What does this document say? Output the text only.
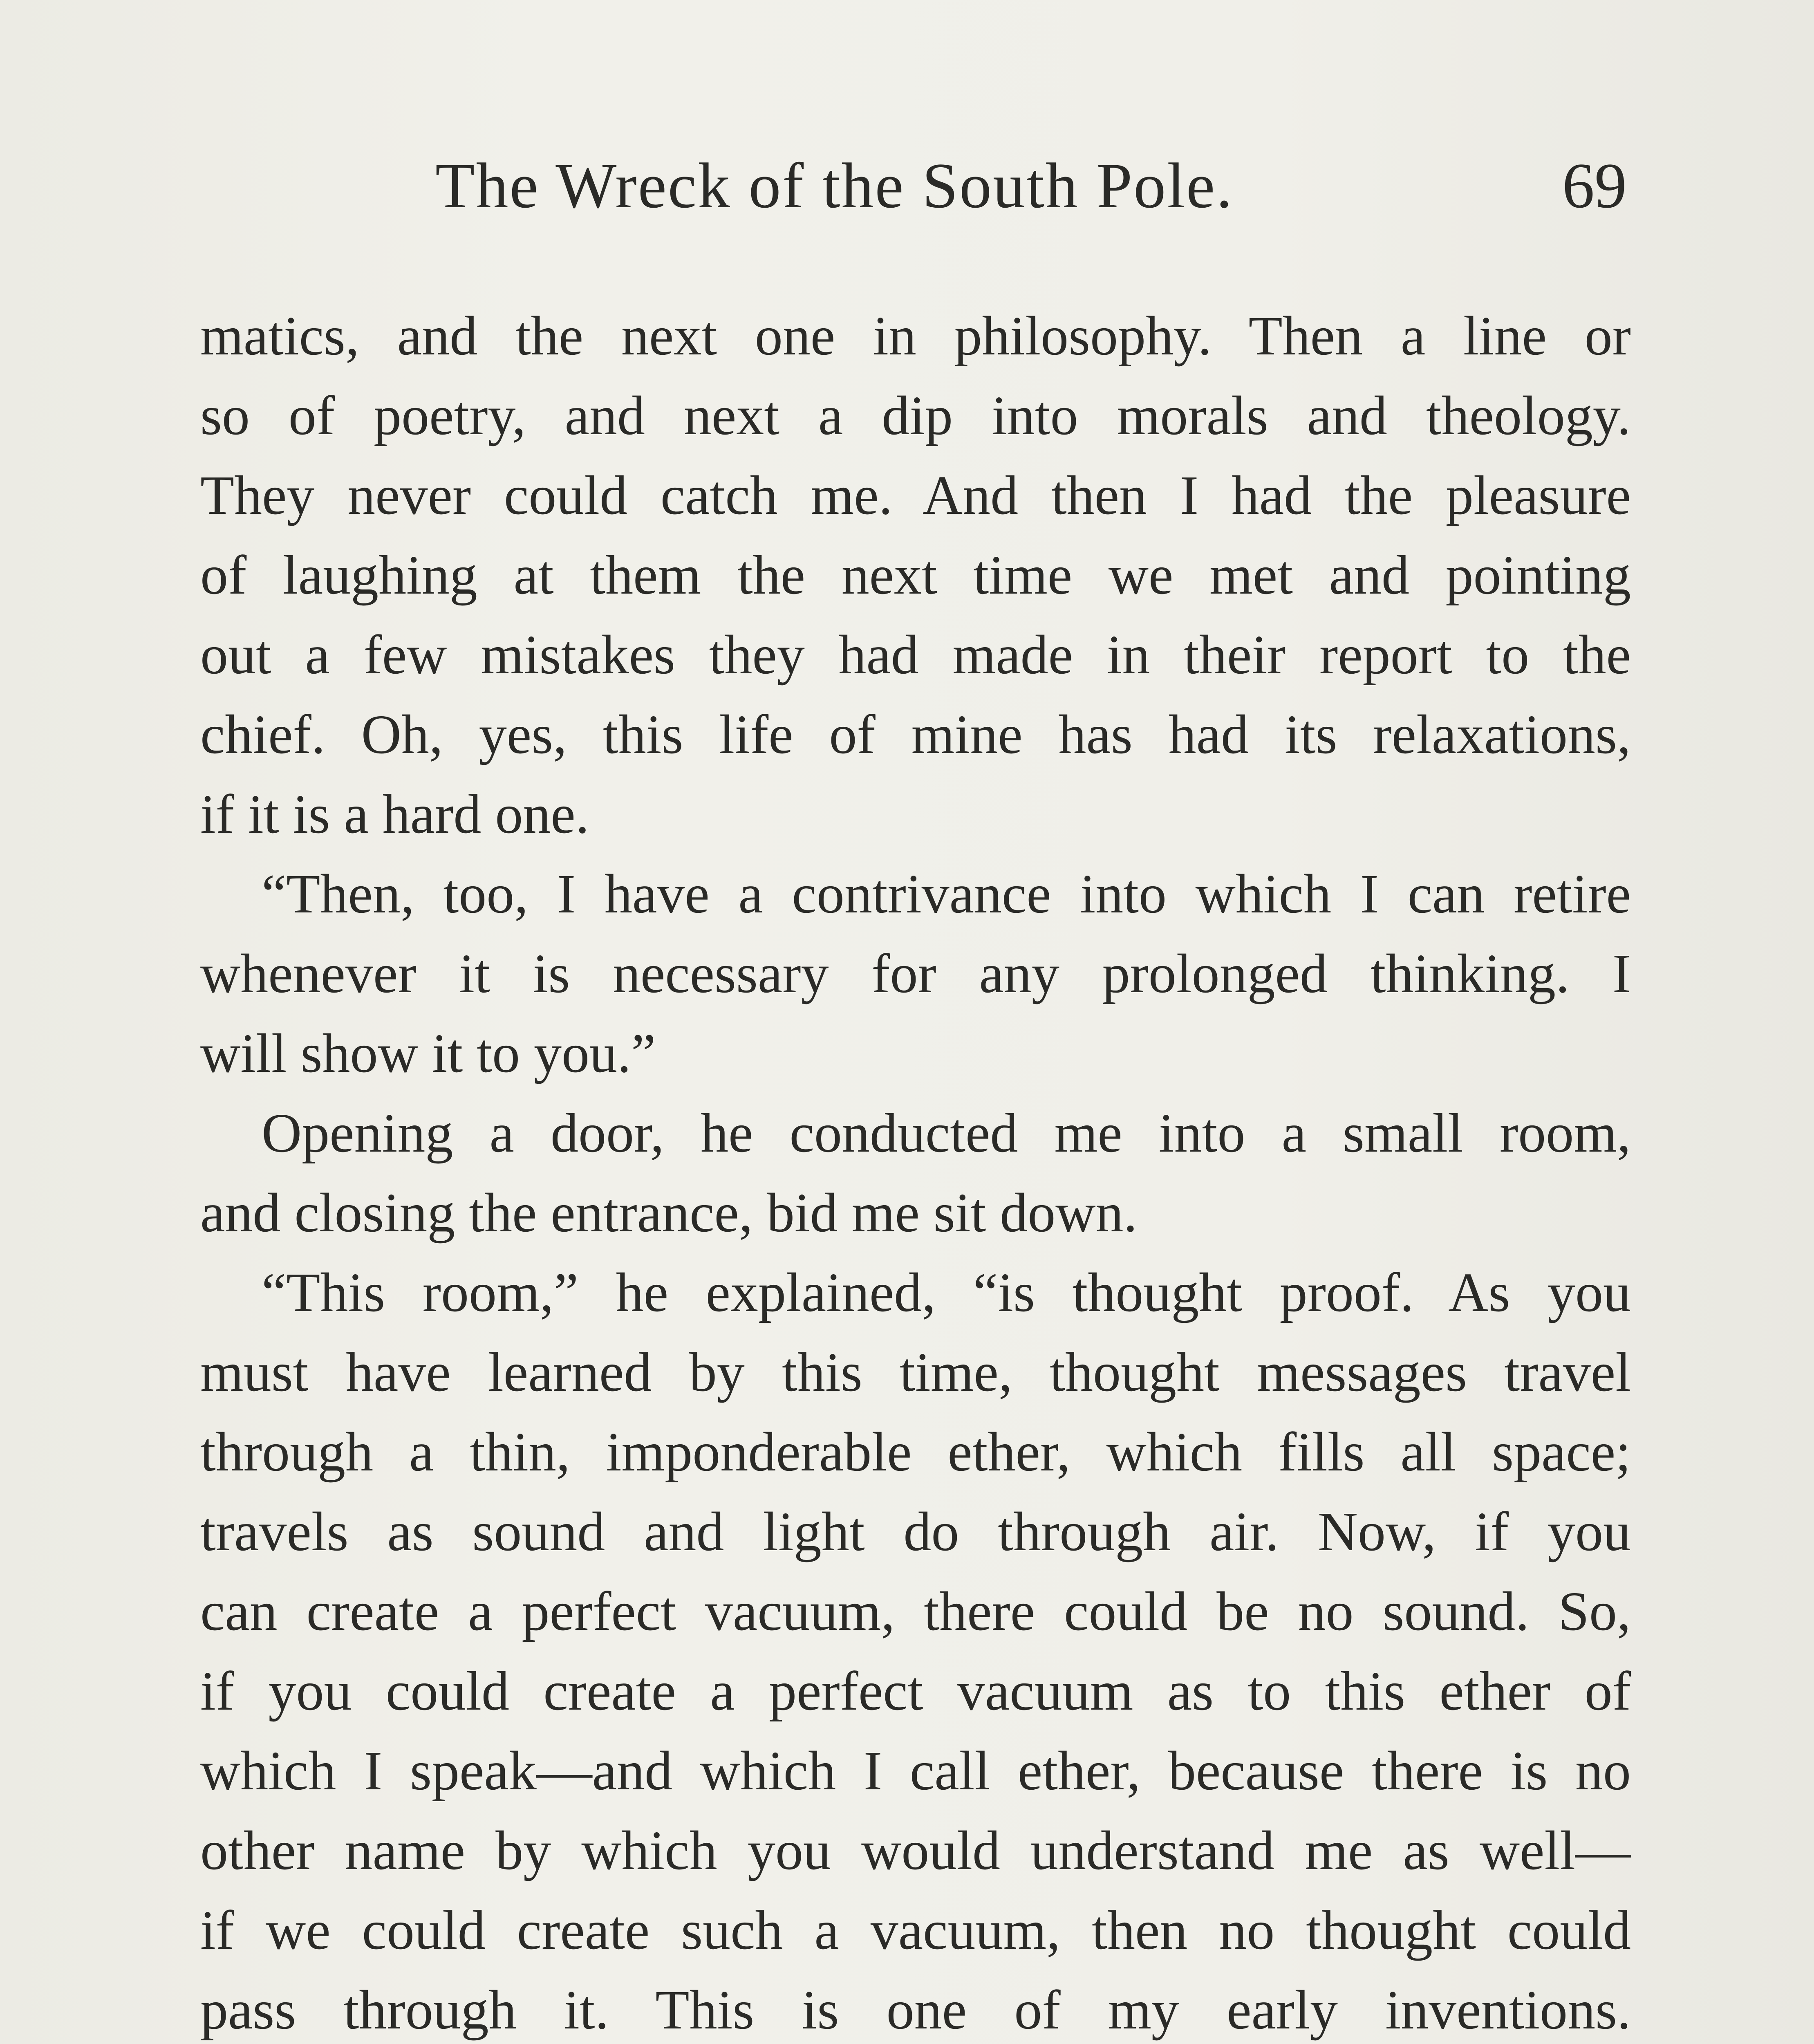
The Wreck of the South Pole.	69
matics, and the next one in philosophy. Then a line or
so of poetry, and next a dip into morals and theology.
They never could catch me. And then I had the pleasure
of laughing at them the next time we met and pointing
out a few mistakes they had made in their report to the
chief. Oh, yes, this life of mine has had its relaxations,
if it is a hard one.
“Then, too, I have a contrivance into which I can retire
whenever it is necessary for any prolonged thinking. I
will show it to you.”
Opening a door, he conducted me into a small room,
and closing the entrance, bid me sit down.
“This room,” he explained, “is thought proof. As you
must have learned by this time, thought messages travel
through a thin, imponderable ether, which fills all space;
travels as sound and light do through air. Now, if you
can create a perfect vacuum, there could be no sound. So,
if you could create a perfect vacuum as to this ether of
which I speak—and which I call ether, because there is no
other name by which you would understand me as well—
if we could create such a vacuum, then no thought could
pass through it. This is one of my early inventions.
